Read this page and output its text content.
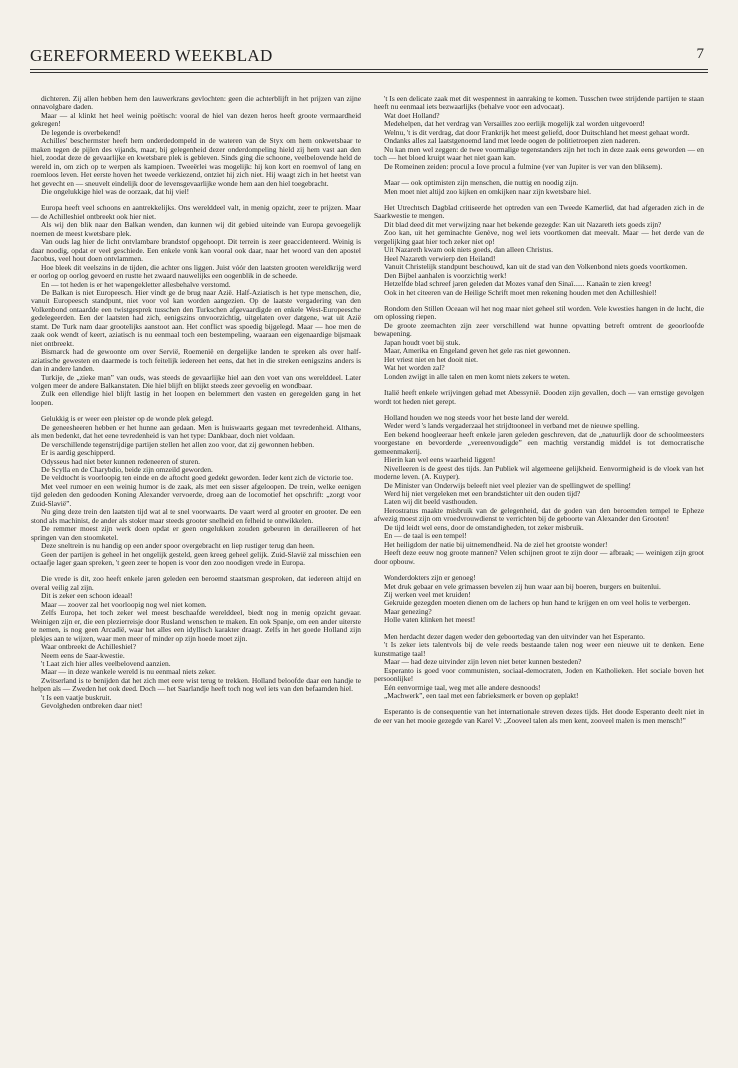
GEREFORMEERD WEEKBLAD	7

dichteren. Zij allen hebben hem den lauwerkrans gevlochten: geen die achterblijft in het prijzen van zijne onnavolgbare daden.

Maar — al klinkt het heel weinig poëtisch: vooral de hiel van dezen heros heeft groote vermaardheid gekregen!

De legende is overbekend!

Achilles' beschermster heeft hem onderdedompeld in de wateren van de Styx om hem onkwetsbaar te maken tegen de pijlen des vijands, maar, bij gelegenheid dezer onderdompeling hield zij hem vast aan den hiel, zoodat deze de gevaarlijke en kwetsbare plek is gebleven. Sinds ging die schoone, veelbelovende held de wereld in, om zich op te werpen als kampioen. Tweeërlei was mogelijk: hij kon kort en roemvol of lang en roemloos leven. Het eerste hoven het tweede verkiezend, ontziet hij zich niet. Hij waagt zich in het heetst van het gevecht en — sneuvelt eindelijk door de levensgevaarlijke wonde hem aan den hiel toegebracht.

Die ongelukkige hiel was de oorzaak, dat hij viel!

Europa heeft veel schoons en aantrekkelijks. Ons werelddeel valt, in menig opzicht, zeer te prijzen. Maar — de Achilleshiel ontbreekt ook hier niet.

Als wij den blik naar den Balkan wenden, dan kunnen wij dit gebied uiteinde van Europa gevoegelijk noemen de meest kwetsbare plek.

Van ouds lag hier de licht ontvlambare brandstof opgehoopt. Dit terrein is zeer geaccidenteerd. Weinig is daar noodig, opdat er veel geschiede. Een enkele vonk kan vooral ook daar, naar het woord van den apostel Jacobus, veel hout doen ontvlammen.

Hoe bleek dit veelszins in de tijden, die achter ons liggen. Juist vóór den laatsten grooten wereldkrijg werd er oorlog op oorlog gevoerd en rustte het zwaard nauwelijks een oogenblik in de scheede.

En — tot heden is er het wapengekletter allesbehalve verstomd.

De Balkan is niet Europeesch. Hier vindt ge de brug naar Azië. Half-Aziatisch is het type menschen, die, vanuit Europeesch standpunt, niet voor vol kan worden aangezien. Op de laatste vergadering van den Volkenbond ontaardde een twistgesprek tusschen den Turkschen afgevaardigde en enkele West-Europeesche gedelegeerden. Een der laatsten had zich, eenigszins onvoorzichtig, uitgelaten over datgene, wat uit Azië stamt. De Turk nam daar grootelijks aanstoot aan. Het conflict was spoedig bijgelegd. Maar — hoe men de zaak ook wendt of keert, aziatisch is nu eenmaal toch een bestempeling, waaraan een eigenaardige bijsmaak niet ontbreekt.

Bismarck had de gewoonte om over Servië, Roemenië en dergelijke landen te spreken als over half-aziatische gewesten en daarmede is toch feitelijk iedereen het eens, dat het in die streken eenigszins anders is dan in andere landen.

Turkije, de „zieke man” van ouds, was steeds de gevaarlijke hiel aan den voet van ons werelddeel. Later volgen meer de andere Balkanstaten. Die hiel blijft en blijkt steeds zeer gevoelig en wondbaar.

Zulk een ellendige hiel blijft lastig in het loopen en belemmert den vasten en geregelden gang in het loopen.

Gelukkig is er weer een pleister op de wonde plek gelegd.

De geneesheeren hebben er het hunne aan gedaan. Men is huiswaarts gegaan met tevredenheid. Althans, als men bedenkt, dat het eene tevredenheid is van het type: Dankbaar, doch niet voldaan.

De verschillende tegenstrijdige partijen stellen het allen zoo voor, dat zij gewonnen hebben.

Er is aardig geschipperd.

Odysseus had niet beter kunnen redeneeren of sturen.

De Scylla en de Charybdio, beide zijn omzeild geworden.

De veldtocht is voorloopig ten einde en de aftocht goed gedekt geworden. Ieder kent zich de victorie toe.

Met veel rumoer en een weinig humor is de zaak, als met een sisser afgeloopen. De trein, welke eenigen tijd geleden den gedooden Koning Alexander vervoerde, droeg aan de locomotief het opschrift: „zorgt voor Zuid-Slavië”.

Nu ging deze trein den laatsten tijd wat al te snel voorwaarts. De vaart werd al grooter en grooter. De een stond als machinist, de ander als stoker maar steeds grooter snelheid en felheid te ontwikkelen.

De remmer moest zijn werk doen opdat er geen ongelukken zouden gebeuren in derailleeren of het springen van den stoomketel.

Deze sneltrein is nu handig op een ander spoor overgebracht en liep rustiger terug dan heen.

Geen der partijen is geheel in het ongelijk gesteld, geen kreeg geheel gelijk. Zuid-Slavië zal misschien een octaafje lager gaan spreken, 't geen zeer te hopen is voor den zoo noodigen vrede in Europa.

Die vrede is dit, zoo heeft enkele jaren geleden een beroemd staatsman gesproken, dat iedereen altijd en overal veilig zal zijn.

Dit is zeker een schoon ideaal!

Maar — zoover zal het voorloopig nog wel niet komen.

Zelfs Europa, het toch zeker wel meest beschaafde werelddeel, biedt nog in menig opzicht gevaar. Weinigen zijn er, die een plezierreisje door Rusland wenschen te maken. En ook Spanje, om een ander uiterste te nemen, is nog geen Arcadië, waar het alles een idyllisch karakter draagt. Zelfs in het goede Holland zijn plekjes aan te wijzen, waar men meer of minder op zijn hoede moet zijn.

Waar ontbreekt de Achilleshiel?

Neem eens de Saar-kwestie.

't Laat zich hier alles veelbelovend aanzien.

Maar — in deze wankele wereld is nu eenmaal niets zeker.

Zwitserland is te benijden dat het zich met eere wist terug te trekken. Holland beloofde daar een handje te helpen als — Zweden het ook deed. Doch — het Saarlandje heeft toch nog wel iets van den befaamden hiel.

't Is een vaatje buskruit.

Gevolgheden ontbreken daar niet!

't Is een delicate zaak met dit wespennest in aanraking te komen. Tusschen twee strijdende partijen te staan heeft nu eenmaal iets bezwaarlijks (behalve voor een advocaat).

Wat doet Holland?

Medehelpen, dat het verdrag van Versailles zoo eerlijk mogelijk zal worden uitgevoerd!

Welnu, 't is dit verdrag, dat door Frankrijk het meest geliefd, door Duitschland het meest gehaat wordt.

Ondanks alles zal laatstgenoemd land met leede oogen de politietroepen zien naderen.

Nu kan men wel zeggen: de twee voormalige tegenstanders zijn het toch in deze zaak eens geworden — en toch — het bloed kruipt waar het niet gaan kan.

De Romeinen zeiden: procul a Iove procul a fulmine (ver van Jupiter is ver van den bliksem).

Maar — ook optimisten zijn menschen, die nuttig en noodig zijn.

Men moet niet altijd zoo kijken en omkijken naar zijn kwetsbare hiel.

Het Utrechtsch Dagblad critiseerde het optreden van een Tweede Kamerlid, dat had afgeraden zich in de Saarkwestie te mengen.

Dit blad deed dit met verwijzing naar het bekende gezegde: Kan uit Nazareth iets goeds zijn?

Zoo kan, uit het geminachte Genève, nog wel iets voortkomen dat meevalt. Maar — het derde van de vergelijking gaat hier toch zeker niet op!

Uit Nazareth kwam ook niets goeds, dan alleen Christus.

Heel Nazareth verwierp den Heiland!

Vanuit Christelijk standpunt beschouwd, kan uit de stad van den Volkenbond niets goeds voortkomen.

Den Bijbel aanhalen is voorzichtig werk!

Hetzelfde blad schreef jaren geleden dat Mozes vanaf den Sinaï...... Kanaän te zien kreeg!

Ook in het citeeren van de Heilige Schrift moet men rekening houden met den Achilleshiel!

Rondom den Stillen Oceaan wil het nog maar niet geheel stil worden. Vele kwesties hangen in de lucht, die om oplossing riepen.

De groote zeemachten zijn zeer verschillend wat hunne opvatting betreft omtrent de geoorloofde bewapening.

Japan houdt voet bij stuk.

Maar, Amerika en Engeland geven het gele ras niet gewonnen.

Het vriest niet en het dooit niet.

Wat het worden zal?

Londen zwijgt in alle talen en men komt niets zekers te weten.

Italië heeft enkele wrijvingen gehad met Abessynië. Dooden zijn gevallen, doch — van ernstige gevolgen wordt tot heden niet gerept.

Holland houden we nog steeds voor het beste land der wereld.

Weder werd 's lands vergaderzaal het strijdtooneel in verband met de nieuwe spelling.

Een bekend hoogleeraar heeft enkele jaren geleden geschreven, dat de „natuurlijk door de schoolmeesters voorgestane en bevorderde „vereenvoudigde” een machtig verstandig middel is tot democratische gemeenmakerij.

Hierin kan wel eens waarheid liggen!

Nivelleeren is de geest des tijds. Jan Publiek wil algemeene gelijkheid. Eenvormigheid is de vloek van het moderne leven. (A. Kuyper).

De Minister van Onderwijs beleeft niet veel plezier van de spellingwet de spelling!

Werd hij niet vergeleken met een brandstichter uit den ouden tijd?

Laten wij dit beeld vasthouden.

Herostratus maakte misbruik van de gelegenheid, dat de goden van den beroemden tempel te Epheze afwezig moest zijn om vroedvrouwdienst te verrichten bij de geboorte van Alexander den Grooten!

De tijd leidt wel eens, door de omstandigheden, tot zeker misbruik.

En — de taal is een tempel!

Het heiligdom der natie bij uitnemendheid. Na de ziel het grootste wonder!

Heeft deze eeuw nog groote mannen? Velen schijnen groot te zijn door — afbraak; — weinigen zijn groot door opbouw.

Wonderdokters zijn er genoeg!

Met druk gebaar en vele grimassen bevelen zij hun waar aan bij boeren, burgers en buitenlui.

Zij werken veel met kruiden!

Gekruide gezegden moeten dienen om de lachers op hun hand te krijgen en om veel holis te verbergen.

Maar genezing?

Holle vaten klinken het meest!

Men herdacht dezer dagen weder den geboortedag van den uitvinder van het Esperanto.

't Is zeker iets talentvols bij de vele reeds bestaande talen nog weer een nieuwe uit te denken. Eene kunstmatige taal!

Maar — had deze uitvinder zijn leven niet beter kunnen besteden?

Esperanto is goed voor communisten, sociaal-democraten, Joden en Katholieken. Het sociale boven het persoonlijke!

Eén eenvormige taal, weg met alle andere desnoods!

„Machwerk”, een taal met een fabrieksmerk er boven op geplakt!

Esperanto is de consequentie van het internationale streven dezes tijds. Het doode Esperanto deelt niet in de eer van het mooie gezegde van Karel V: „Zooveel talen als men kent, zooveel malen is men mensch!”
